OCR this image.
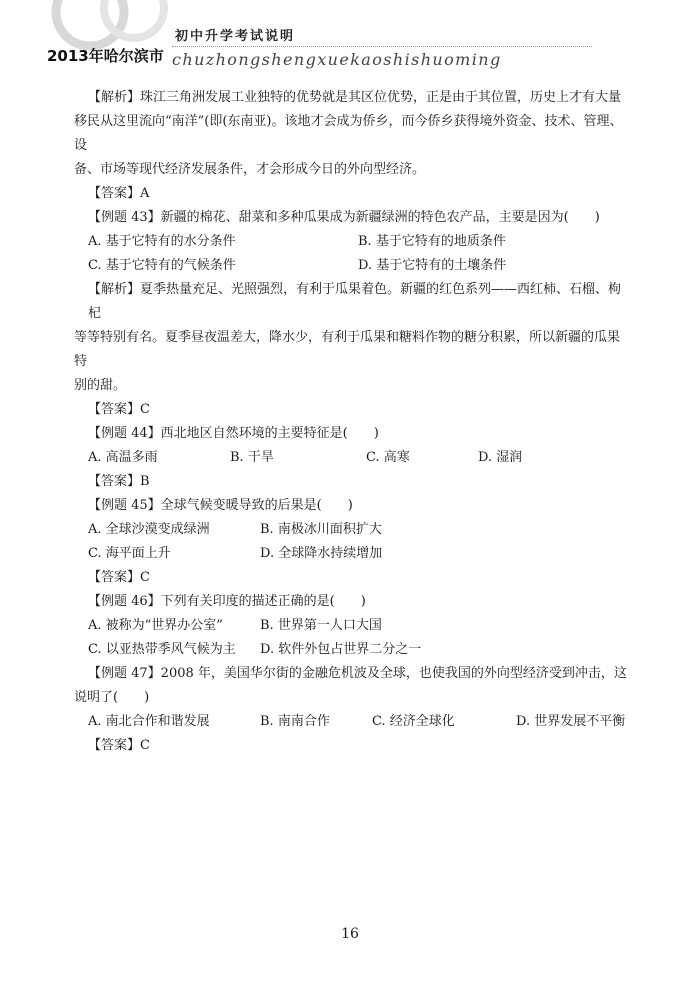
初中升学考试说明
2013年哈尔滨市 chuzhongshengxuekaoshishuoming
【解析】珠江三角洲发展工业独特的优势就是其区位优势，正是由于其位置，历史上才有大量
移民从这里流向“南洋”(即(东南亚)。该地才会成为侨乡，而今侨乡获得境外资金、技术、管理、设
备、市场等现代经济发展条件，才会形成今日的外向型经济。
【答案】A
【例题 43】新疆的棉花、甜菜和多种瓜果成为新疆绿洲的特色农产品，主要是因为(　　)
A. 基于它特有的水分条件	B. 基于它特有的地质条件
C. 基于它特有的气候条件	D. 基于它特有的土壤条件
【解析】夏季热量充足、光照强烈，有利于瓜果着色。新疆的红色系列——西红柿、石榴、枸杞
等等特别有名。夏季昼夜温差大，降水少，有利于瓜果和糖料作物的糖分积累，所以新疆的瓜果特
别的甜。
【答案】C
【例题 44】西北地区自然环境的主要特征是(　　)
A. 高温多雨	B. 干旱	C. 高寒	D. 湿润
【答案】B
【例题 45】全球气候变暖导致的后果是(　　)
A. 全球沙漠变成绿洲	B. 南极冰川面积扩大
C. 海平面上升	D. 全球降水持续增加
【答案】C
【例题 46】下列有关印度的描述正确的是(　　)
A. 被称为“世界办公室”	B. 世界第一人口大国
C. 以亚热带季风气候为主	D. 软件外包占世界二分之一
【例题 47】2008 年，美国华尔街的金融危机波及全球，也使我国的外向型经济受到冲击，这
说明了(　　)
A. 南北合作和谐发展	B. 南南合作	C. 经济全球化	D. 世界发展不平衡
【答案】C
16
